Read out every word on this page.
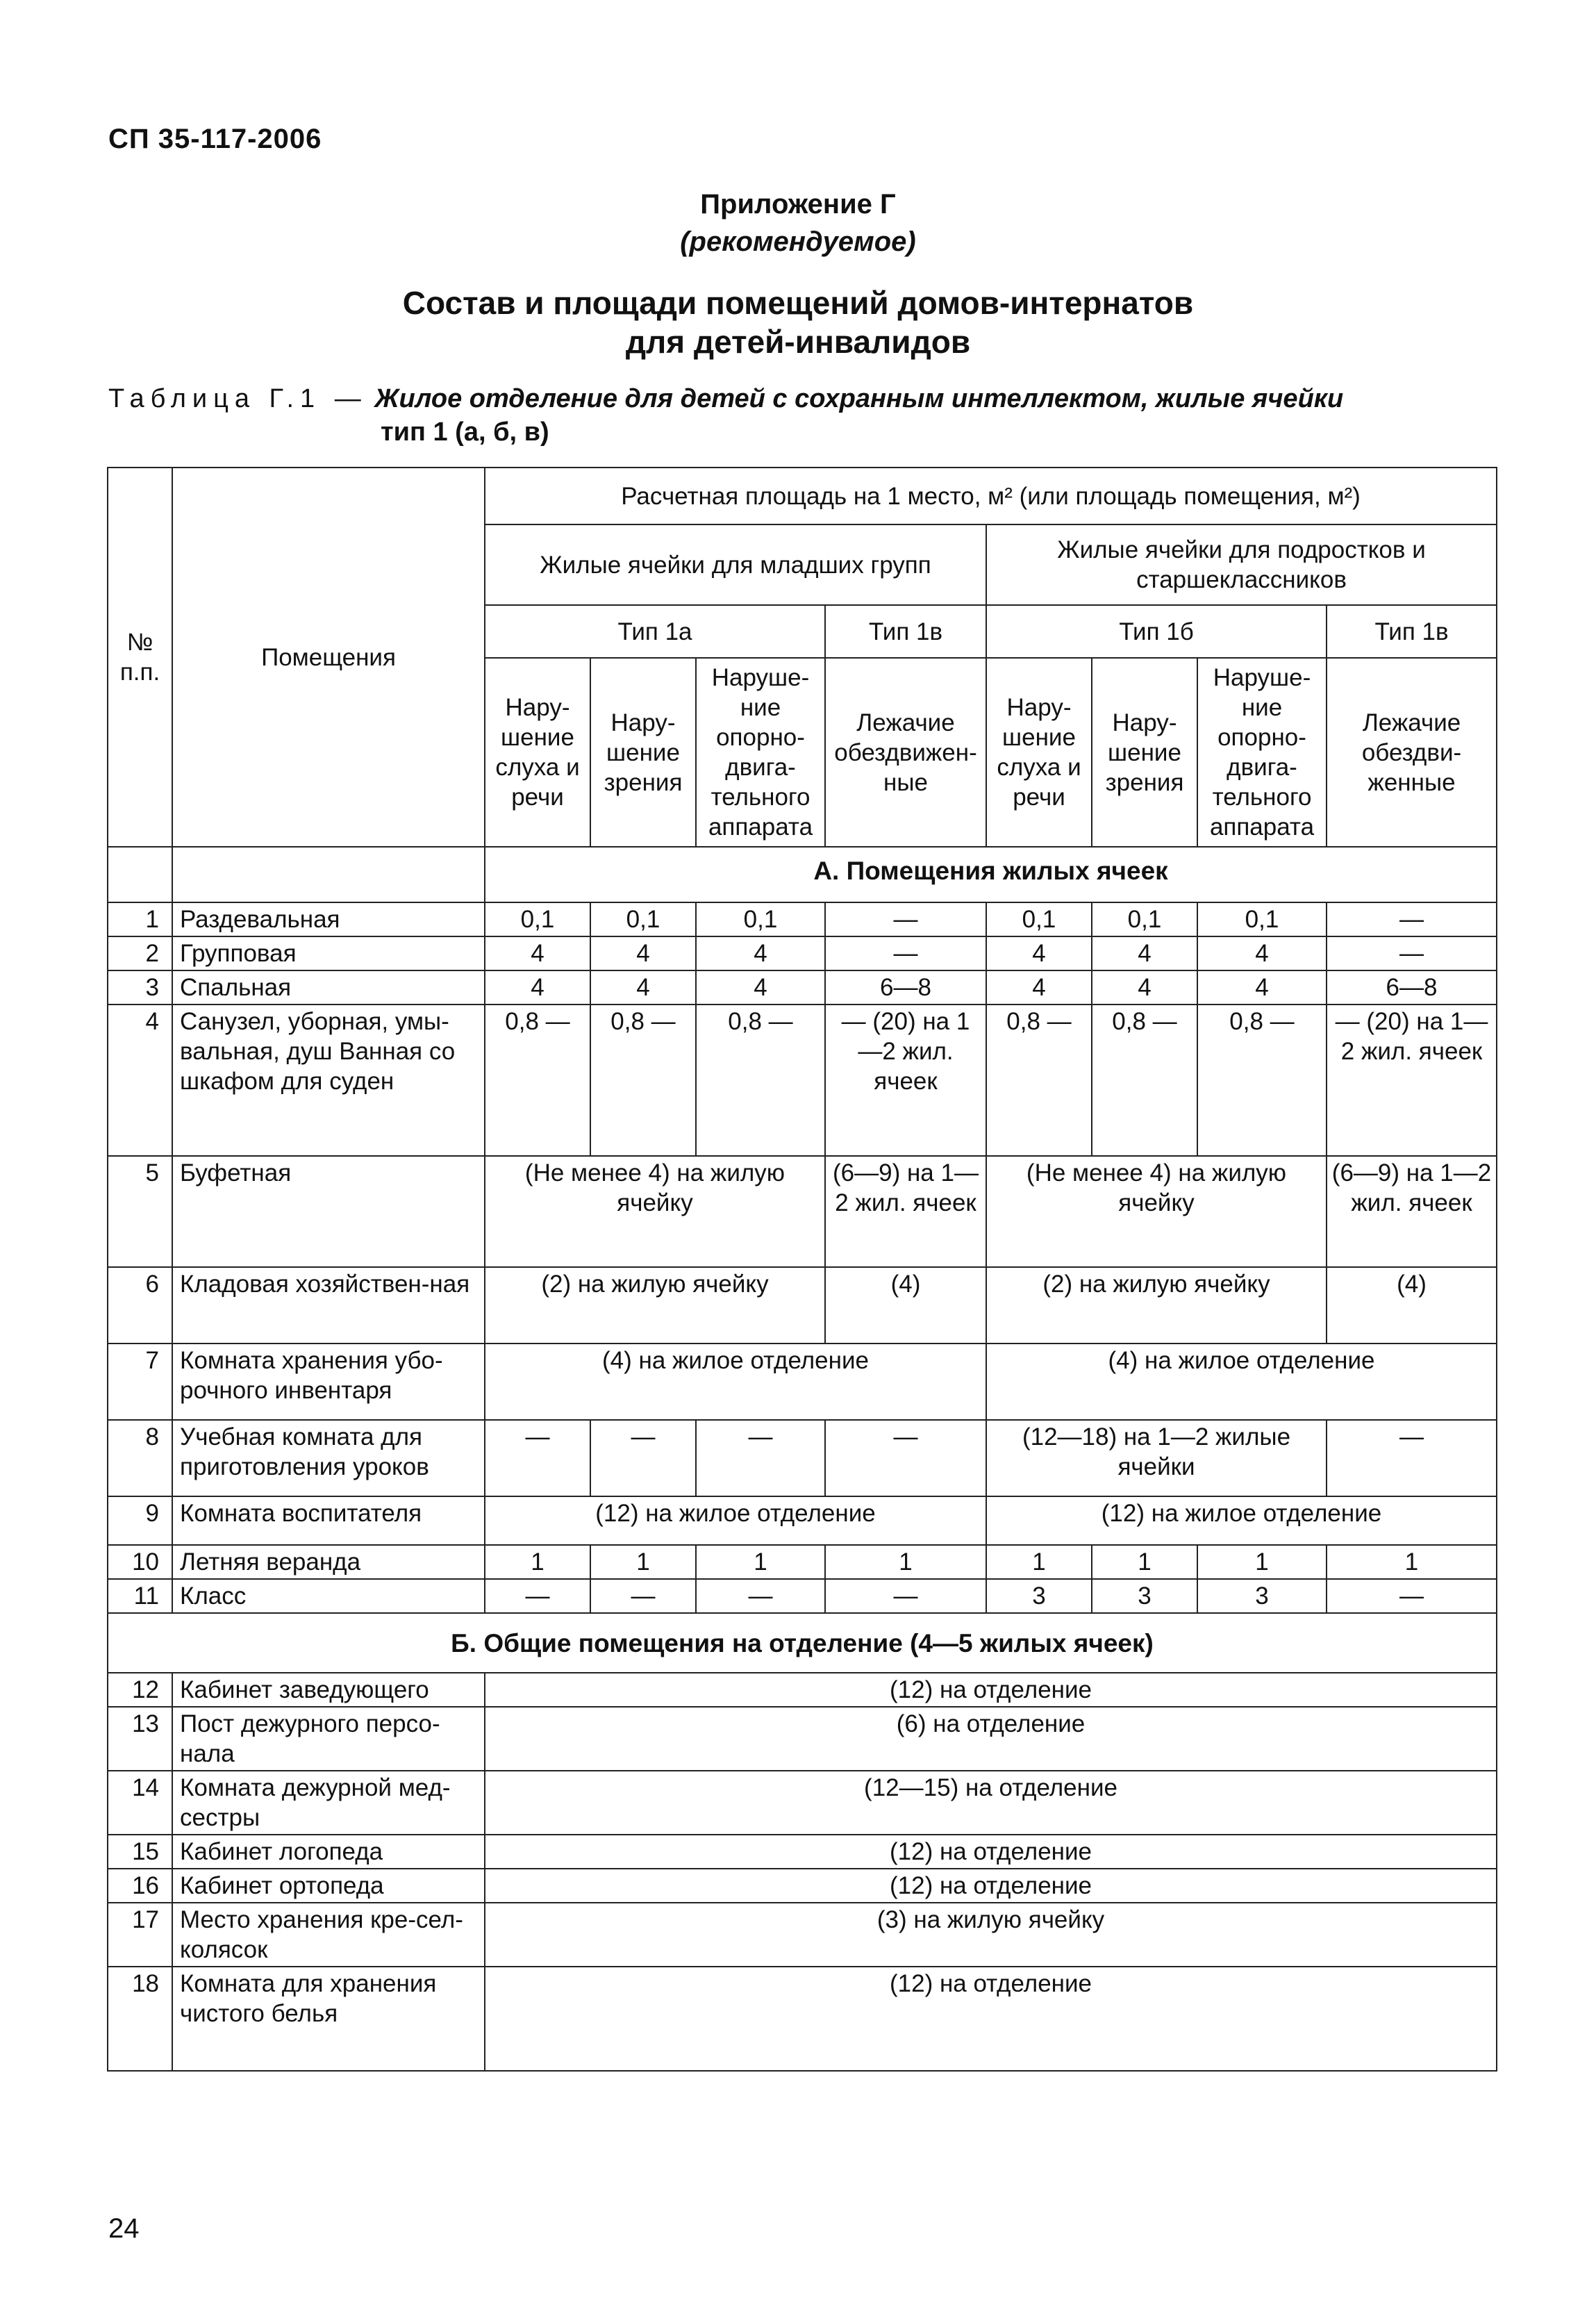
СП 35-117-2006
Приложение Г
(рекомендуемое)
Состав и площади помещений домов-интернатов
для детей-инвалидов
Таблица Г.1 — Жилое отделение для детей с сохранным интеллектом, жилые ячейки
тип 1 (а, б, в)
№ п.п.	Помещения	Расчетная площадь на 1 место, м² (или площадь помещения, м²)							
		Жилые ячейки для младших групп				Жилые ячейки для подростков и старшеклассников			
		Тип 1а			Тип 1в	Тип 1б			Тип 1в
		Нару-шение слуха и речи	Нару-шение зрения	Наруше-ние опорно-двига-тельного аппарата	Лежачие обездвижен-ные	Нару-шение слуха и речи	Нару-шение зрения	Наруше-ние опорно-двига-тельного аппарата	Лежачие обездви-женные
		А. Помещения жилых ячеек							
1	Раздевальная	0,1	0,1	0,1	—	0,1	0,1	0,1	—
2	Групповая	4	4	4	—	4	4	4	—
3	Спальная	4	4	4	6—8	4	4	4	6—8
4	Санузел, уборная, умы-вальная, душ Ванная со шкафом для суден	0,8 —	0,8 —	0,8 —	— (20) на 1—2 жил. ячеек	0,8 —	0,8 —	0,8 —	— (20) на 1—2 жил. ячеек
5	Буфетная	(Не менее 4) на жилую ячейку			(6—9) на 1—2 жил. ячеек	(Не менее 4) на жилую ячейку			(6—9) на 1—2 жил. ячеек
6	Кладовая хозяйствен-ная	(2) на жилую ячейку			(4)	(2) на жилую ячейку			(4)
7	Комната хранения убо-рочного инвентаря	(4) на жилое отделение				(4) на жилое отделение			
8	Учебная комната для приготовления уроков	—	—	—	—	(12—18) на 1—2 жилые ячейки			—
9	Комната воспитателя	(12) на жилое отделение				(12) на жилое отделение			
10	Летняя веранда	1	1	1	1	1	1	1	1
11	Класс	—	—	—	—	3	3	3	—
Б. Общие помещения на отделение (4—5 жилых ячеек)									
12	Кабинет заведующего	(12) на отделение							
13	Пост дежурного персо-нала	(6) на отделение							
14	Комната дежурной мед-сестры	(12—15) на отделение							
15	Кабинет логопеда	(12) на отделение							
16	Кабинет ортопеда	(12) на отделение							
17	Место хранения кре-сел-колясок	(3) на жилую ячейку							
18	Комната для хранения чистого белья	(12) на отделение							
24
